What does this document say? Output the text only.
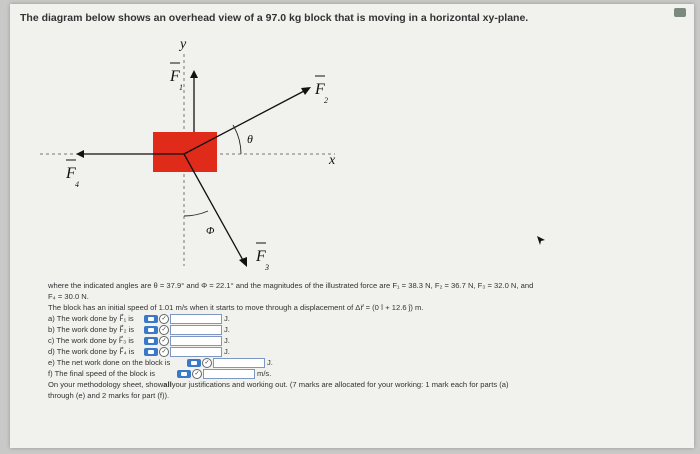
The diagram below shows an overhead view of a 97.0 kg block that is moving in a horizontal xy-plane.
y
x
θ
Φ
F
1	F
2
F
4
F
3
where the indicated angles are θ = 37.9° and Φ = 22.1° and the magnitudes of the illustrated force are F₁ = 38.3 N, F₂ = 36.7 N, F₃ = 32.0 N, and
F₄ = 30.0 N.
The block has an initial speed of 1.01 m/s when it starts to move through a displacement of Δr⃗ = (0 î + 12.6 ĵ) m.
a) The work done by F⃗₁ is	✓	J.
b) The work done by F⃗₂ is	✓	J.
c) The work done by F⃗₃ is	✓	J.
d) The work done by F⃗₄ is	✓	J.
e) The net work done on the block is	✓	J.
f) The final speed of the block is	✓	m/s.
On your methodology sheet, show all your justifications and working out. (7 marks are allocated for your working: 1 mark each for parts (a)
through (e) and 2 marks for part (f)).
